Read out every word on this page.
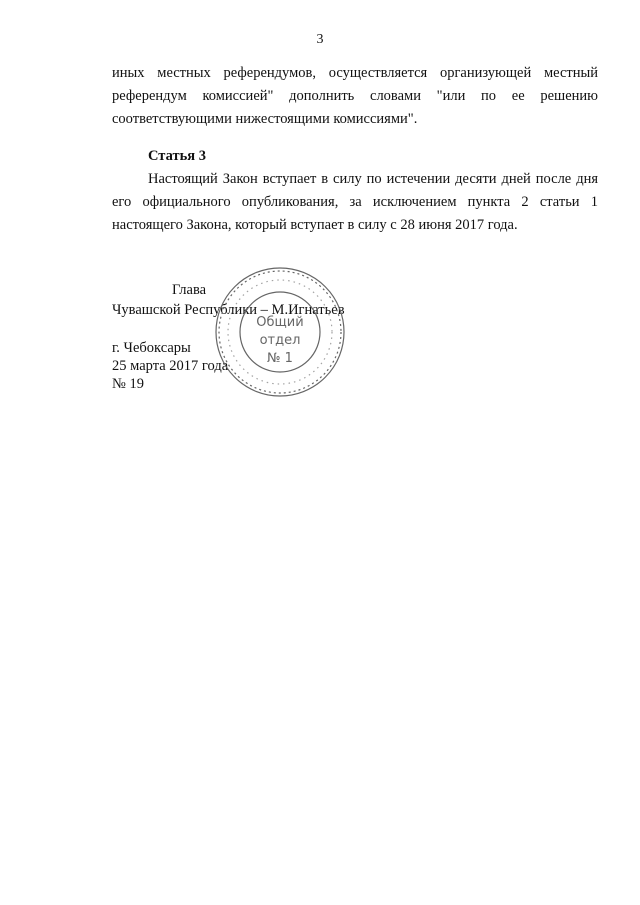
3

иных местных референдумов, осуществляется организующей местный референдум комиссией" дополнить словами "или по ее решению соответствующими нижестоящими комиссиями".

Статья 3

Настоящий Закон вступает в силу по истечении десяти дней после дня его официального опубликования, за исключением пункта 2 статьи 1 настоящего Закона, который вступает в силу с 28 июня 2017 года.

Глава
Чувашской Республики – М.Игнатьев
г. Чебоксары
25 марта 2017 года
№ 19
Общий
отдел
№ 1
